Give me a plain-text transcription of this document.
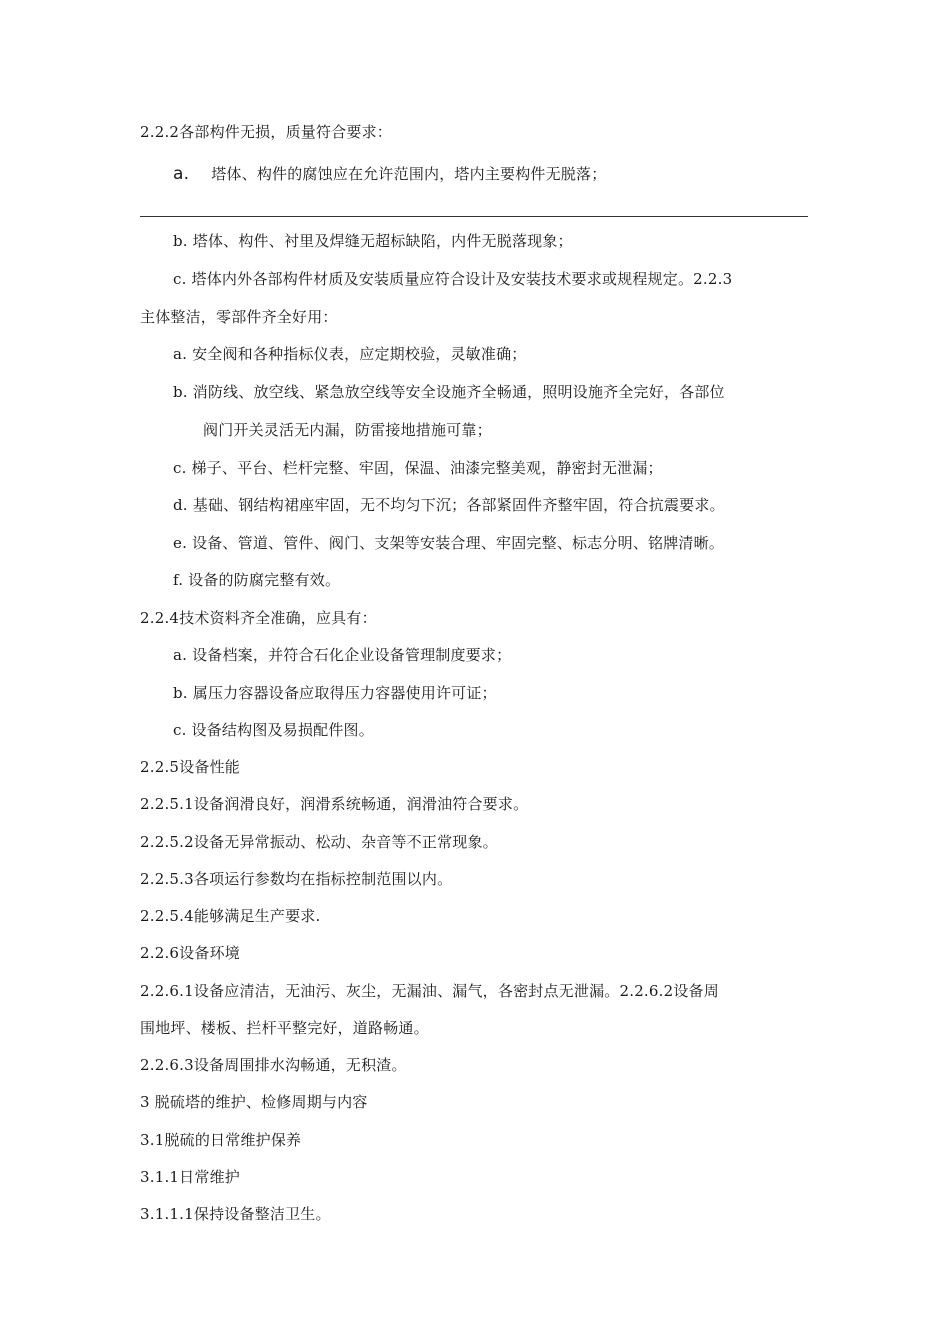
2.2.2各部构件无损，质量符合要求：
a. 塔体、构件的腐蚀应在允许范围内，塔内主要构件无脱落；
b. 塔体、构件、衬里及焊缝无超标缺陷，内件无脱落现象；
c. 塔体内外各部构件材质及安装质量应符合设计及安装技术要求或规程规定。2.2.3
主体整洁，零部件齐全好用：
a. 安全阀和各种指标仪表，应定期校验，灵敏准确；
b. 消防线、放空线、紧急放空线等安全设施齐全畅通，照明设施齐全完好，各部位
阀门开关灵活无内漏，防雷接地措施可靠；
c. 梯子、平台、栏杆完整、牢固，保温、油漆完整美观，静密封无泄漏；
d. 基础、钢结构裙座牢固，无不均匀下沉；各部紧固件齐整牢固，符合抗震要求。
e. 设备、管道、管件、阀门、支架等安装合理、牢固完整、标志分明、铭牌清晰。
f. 设备的防腐完整有效。
2.2.4技术资料齐全准确，应具有：
a. 设备档案，并符合石化企业设备管理制度要求；
b. 属压力容器设备应取得压力容器使用许可证；
c. 设备结构图及易损配件图。
2.2.5设备性能
2.2.5.1设备润滑良好，润滑系统畅通，润滑油符合要求。
2.2.5.2设备无异常振动、松动、杂音等不正常现象。
2.2.5.3各项运行参数均在指标控制范围以内。
2.2.5.4能够满足生产要求.
2.2.6设备环境
2.2.6.1设备应清洁，无油污、灰尘，无漏油、漏气，各密封点无泄漏。2.2.6.2设备周
围地坪、楼板、拦杆平整完好，道路畅通。
2.2.6.3设备周围排水沟畅通，无积渣。
3 脱硫塔的维护、检修周期与内容
3.1脱硫的日常维护保养
3.1.1日常维护
3.1.1.1保持设备整洁卫生。
